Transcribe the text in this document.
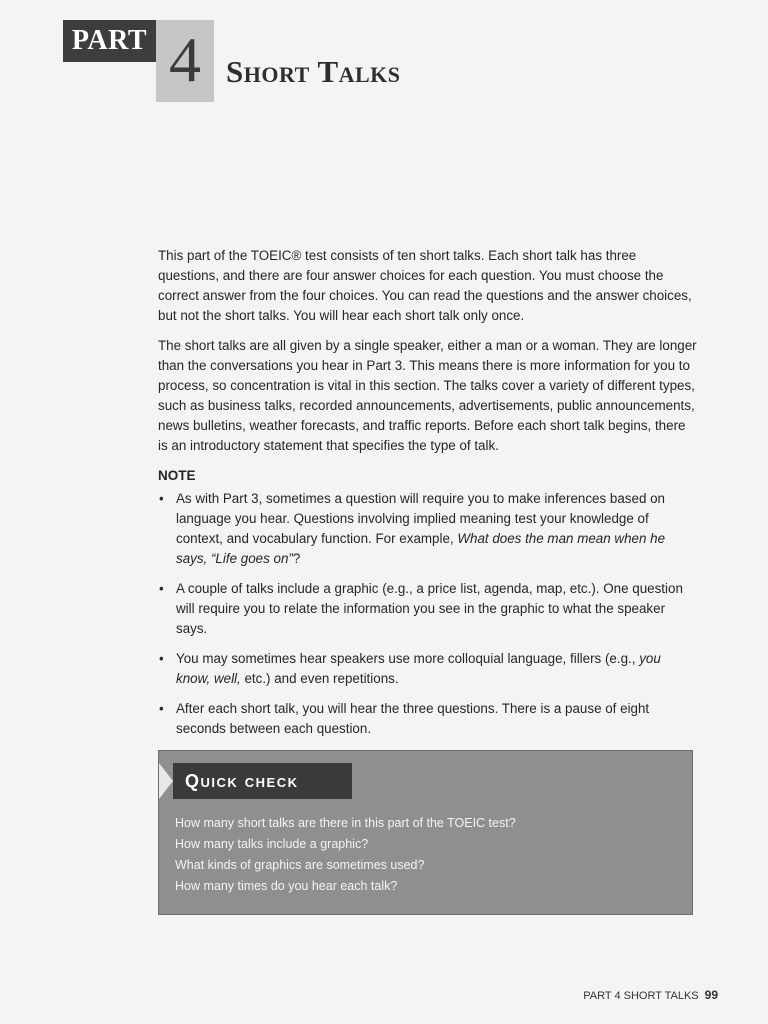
PART 4 Short Talks

This part of the TOEIC® test consists of ten short talks. Each short talk has three questions, and there are four answer choices for each question. You must choose the correct answer from the four choices. You can read the questions and the answer choices, but not the short talks. You will hear each short talk only once.

The short talks are all given by a single speaker, either a man or a woman. They are longer than the conversations you hear in Part 3. This means there is more information for you to process, so concentration is vital in this section. The talks cover a variety of different types, such as business talks, recorded announcements, advertisements, public announcements, news bulletins, weather forecasts, and traffic reports. Before each short talk begins, there is an introductory statement that specifies the type of talk.

NOTE
• As with Part 3, sometimes a question will require you to make inferences based on language you hear. Questions involving implied meaning test your knowledge of context, and vocabulary function. For example, What does the man mean when he says, “Life goes on”?
• A couple of talks include a graphic (e.g., a price list, agenda, map, etc.). One question will require you to relate the information you see in the graphic to what the speaker says.
• You may sometimes hear speakers use more colloquial language, fillers (e.g., you know, well, etc.) and even repetitions.
• After each short talk, you will hear the three questions. There is a pause of eight seconds between each question.
Quick check
How many short talks are there in this part of the TOEIC test?
How many talks include a graphic?
What kinds of graphics are sometimes used?
How many times do you hear each talk?
PART 4 SHORT TALKS 99
